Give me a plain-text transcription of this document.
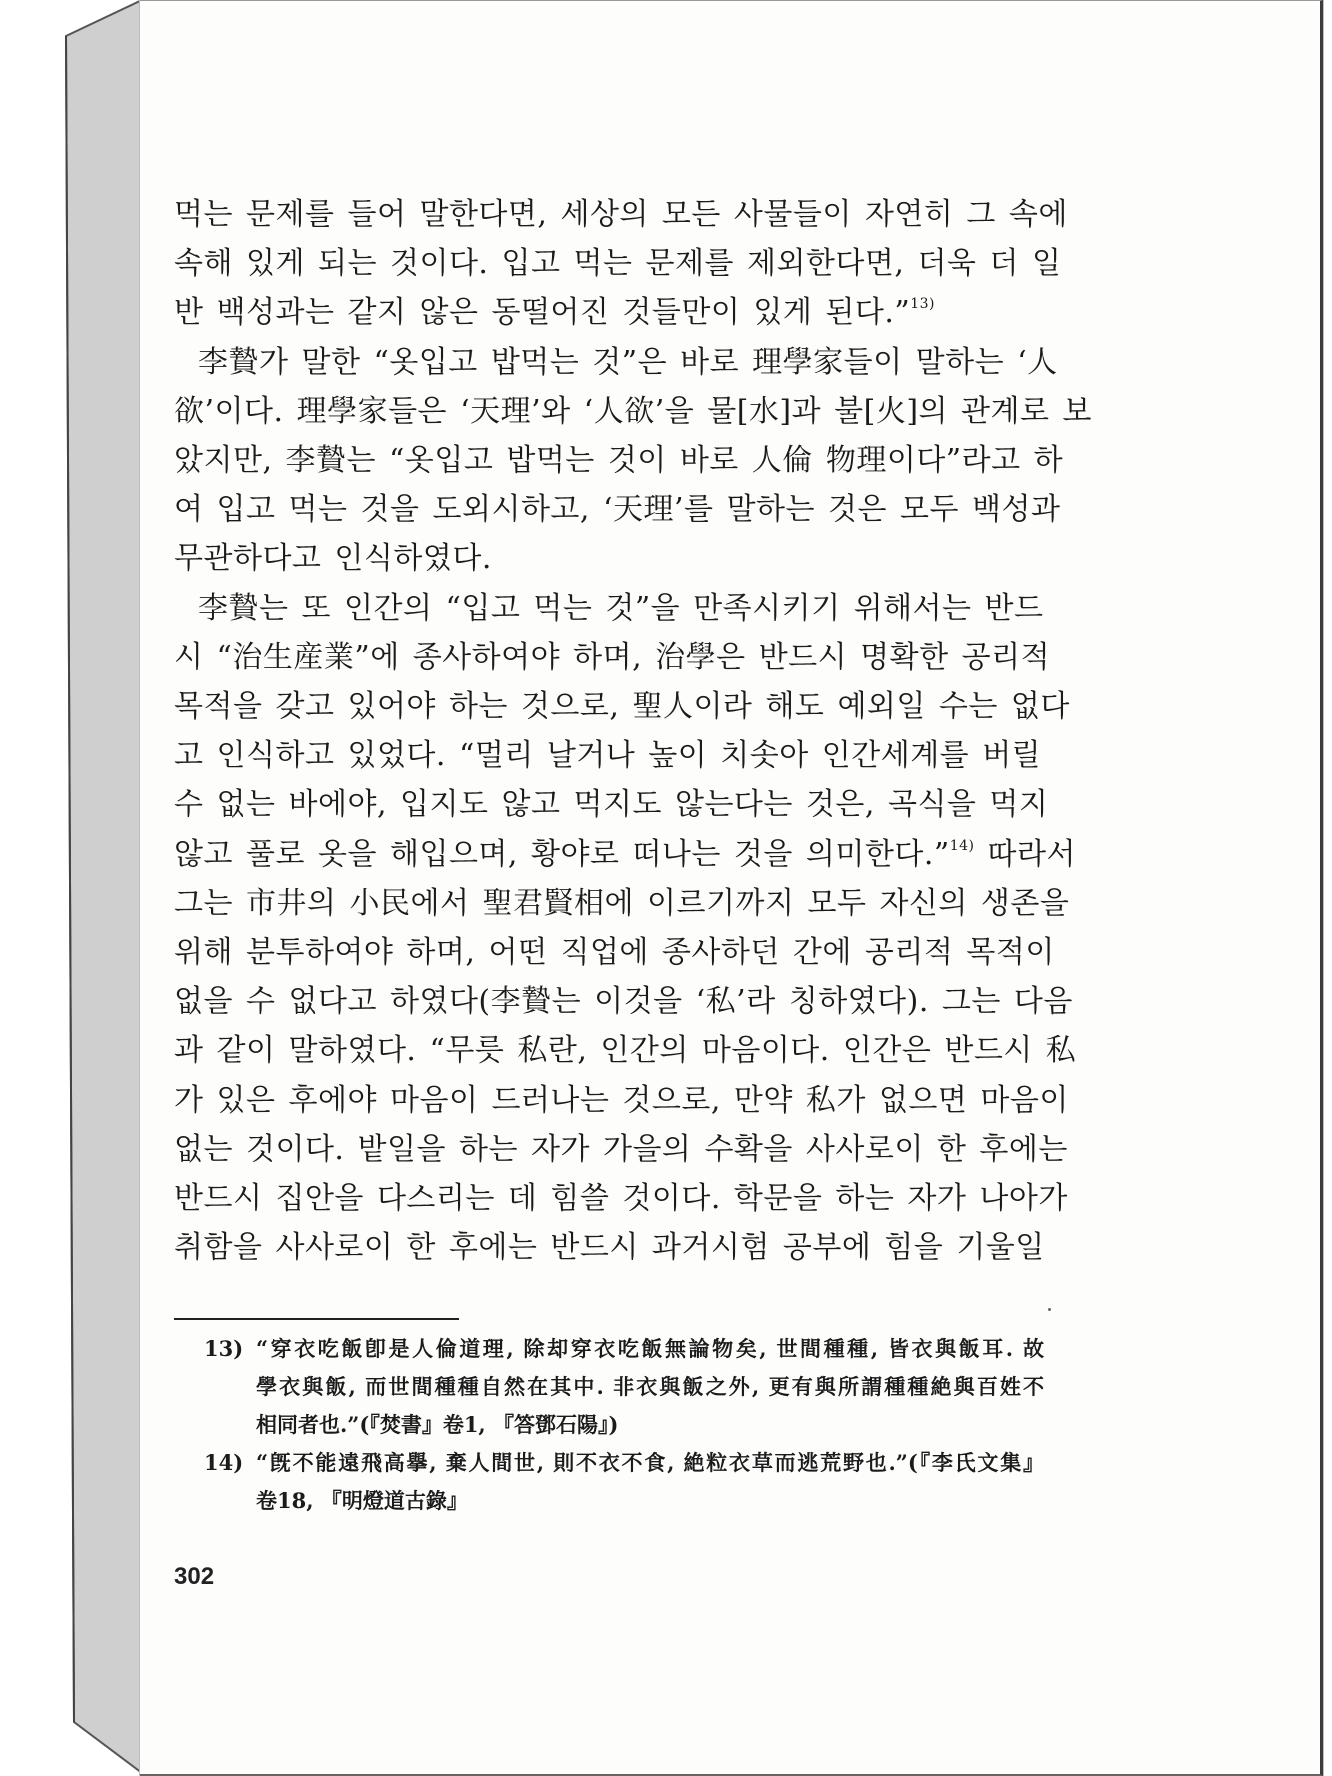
먹는 문제를 들어 말한다면, 세상의 모든 사물들이 자연히 그 속에
속해 있게 되는 것이다. 입고 먹는 문제를 제외한다면, 더욱 더 일
반 백성과는 같지 않은 동떨어진 것들만이 있게 된다.”$^{13)}$

李贄가 말한 “옷입고 밥먹는 것”은 바로 理學家들이 말하는 ‘人
欲’이다. 理學家들은 ‘天理’와 ‘人欲’을 물[水]과 불[火]의 관계로 보
았지만, 李贄는 “옷입고 밥먹는 것이 바로 人倫 物理이다”라고 하
여 입고 먹는 것을 도외시하고, ‘天理’를 말하는 것은 모두 백성과
무관하다고 인식하였다.

李贄는 또 인간의 “입고 먹는 것”을 만족시키기 위해서는 반드
시 “治生産業”에 종사하여야 하며, 治學은 반드시 명확한 공리적
목적을 갖고 있어야 하는 것으로, 聖人이라 해도 예외일 수는 없다
고 인식하고 있었다. “멀리 날거나 높이 치솟아 인간세계를 버릴
수 없는 바에야, 입지도 않고 먹지도 않는다는 것은, 곡식을 먹지
않고 풀로 옷을 해입으며, 황야로 떠나는 것을 의미한다.”$^{14)}$ 따라서
그는 市井의 小民에서 聖君賢相에 이르기까지 모두 자신의 생존을
위해 분투하여야 하며, 어떤 직업에 종사하던 간에 공리적 목적이
없을 수 없다고 하였다(李贄는 이것을 ‘私’라 칭하였다). 그는 다음
과 같이 말하였다. “무릇 私란, 인간의 마음이다. 인간은 반드시 私
가 있은 후에야 마음이 드러나는 것으로, 만약 私가 없으면 마음이
없는 것이다. 밭일을 하는 자가 가을의 수확을 사사로이 한 후에는
반드시 집안을 다스리는 데 힘쓸 것이다. 학문을 하는 자가 나아가
취함을 사사로이 한 후에는 반드시 과거시험 공부에 힘을 기울일

13) “穿衣吃飯卽是人倫道理, 除却穿衣吃飯無論物矣, 世間種種, 皆衣與飯耳. 故
學衣與飯, 而世間種種自然在其中. 非衣與飯之外, 更有與所謂種種絶與百姓不
相同者也.”(『焚書』卷1, 『答鄧石陽』)
14) “旣不能遠飛高擧, 棄人間世, 則不衣不食, 絶粒衣草而逃荒野也.”(『李氏文集』
卷18, 『明燈道古錄』
302
